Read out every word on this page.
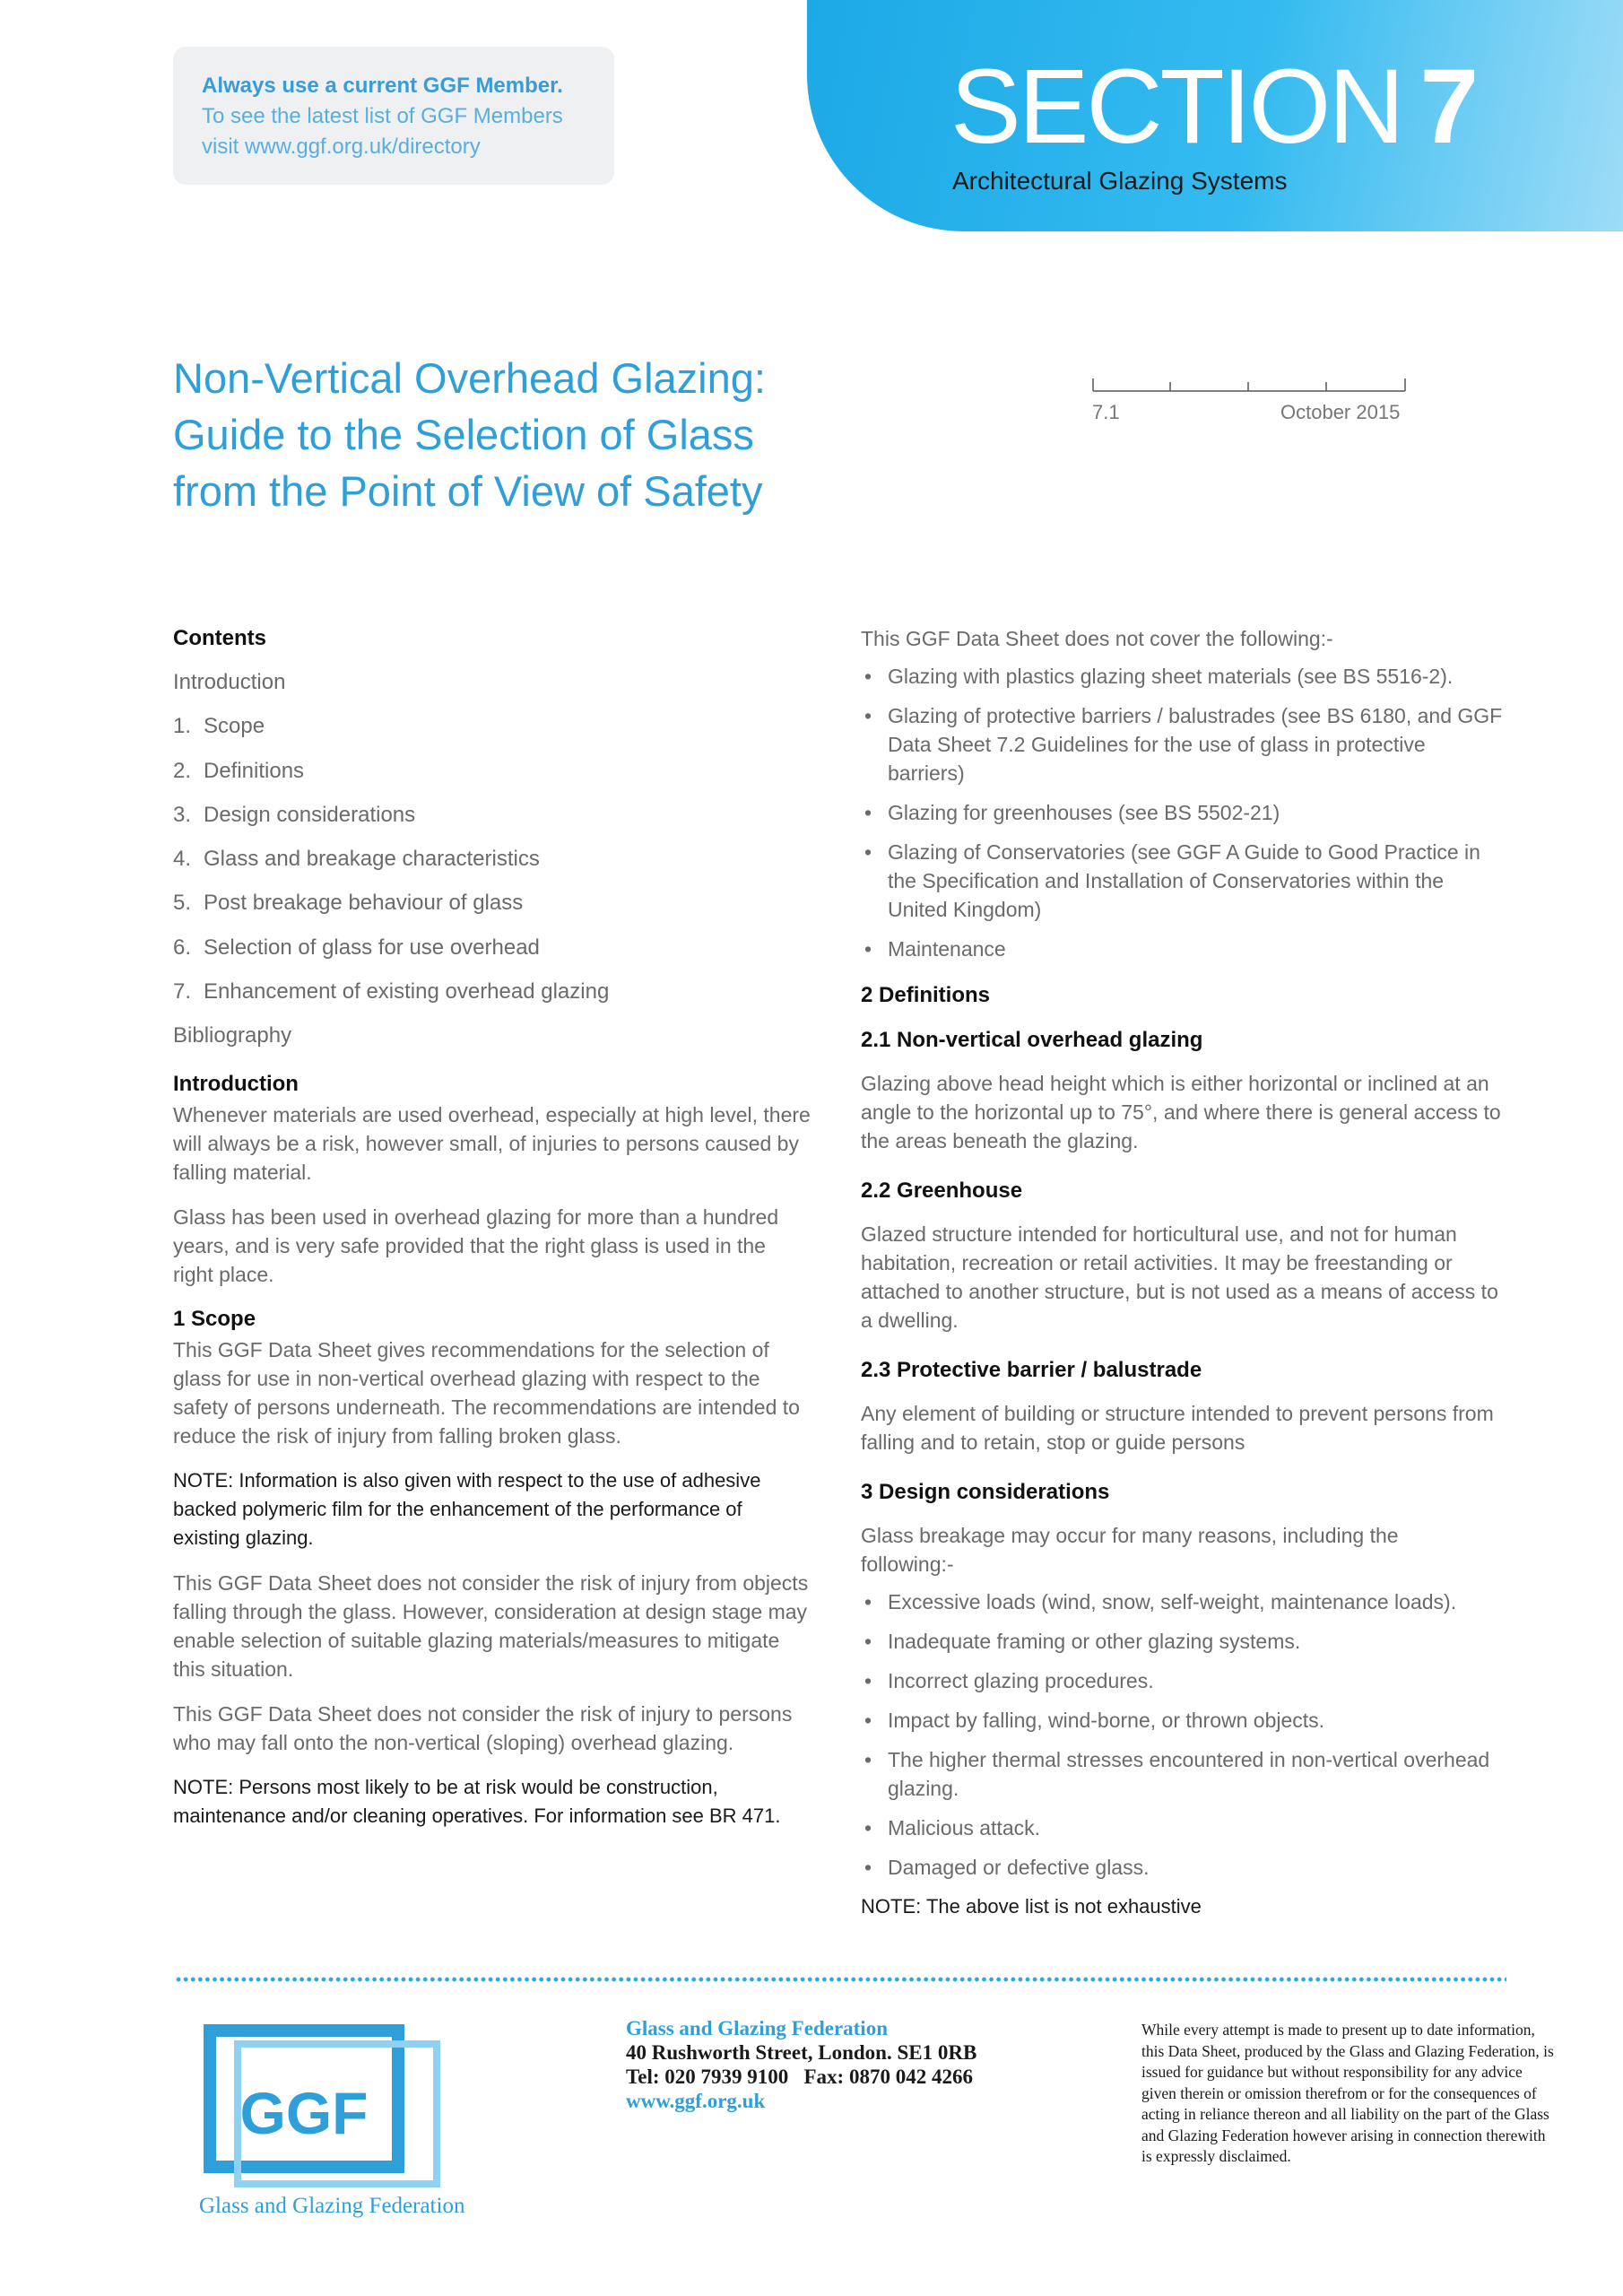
Always use a current GGF Member.
To see the latest list of GGF Members
visit www.ggf.org.uk/directory	SECTION 7
Architectural Glazing Systems
Non-Vertical Overhead Glazing:
Guide to the Selection of Glass
from the Point of View of Safety
7.1	October 2015
Contents
Introduction
1. Scope
2. Definitions
3. Design considerations
4. Glass and breakage characteristics
5. Post breakage behaviour of glass
6. Selection of glass for use overhead
7. Enhancement of existing overhead glazing
Bibliography
Introduction
Whenever materials are used overhead, especially at high level, there will always be a risk, however small, of injuries to persons caused by falling material.
Glass has been used in overhead glazing for more than a hundred years, and is very safe provided that the right glass is used in the right place.
1 Scope
This GGF Data Sheet gives recommendations for the selection of glass for use in non-vertical overhead glazing with respect to the safety of persons underneath. The recommendations are intended to reduce the risk of injury from falling broken glass.
NOTE: Information is also given with respect to the use of adhesive backed polymeric film for the enhancement of the performance of existing glazing.
This GGF Data Sheet does not consider the risk of injury from objects falling through the glass. However, consideration at design stage may enable selection of suitable glazing materials/measures to mitigate this situation.
This GGF Data Sheet does not consider the risk of injury to persons who may fall onto the non-vertical (sloping) overhead glazing.
NOTE: Persons most likely to be at risk would be construction, maintenance and/or cleaning operatives. For information see BR 471.
This GGF Data Sheet does not cover the following:-
• Glazing with plastics glazing sheet materials (see BS 5516-2).
• Glazing of protective barriers / balustrades (see BS 6180, and GGF Data Sheet 7.2 Guidelines for the use of glass in protective barriers)
• Glazing for greenhouses (see BS 5502-21)
• Glazing of Conservatories (see GGF A Guide to Good Practice in the Specification and Installation of Conservatories within the United Kingdom)
• Maintenance
2 Definitions
2.1 Non-vertical overhead glazing
Glazing above head height which is either horizontal or inclined at an angle to the horizontal up to 75°, and where there is general access to the areas beneath the glazing.
2.2 Greenhouse
Glazed structure intended for horticultural use, and not for human habitation, recreation or retail activities. It may be freestanding or attached to another structure, but is not used as a means of access to a dwelling.
2.3 Protective barrier / balustrade
Any element of building or structure intended to prevent persons from falling and to retain, stop or guide persons
3 Design considerations
Glass breakage may occur for many reasons, including the following:-
• Excessive loads (wind, snow, self-weight, maintenance loads).
• Inadequate framing or other glazing systems.
• Incorrect glazing procedures.
• Impact by falling, wind-borne, or thrown objects.
• The higher thermal stresses encountered in non-vertical overhead glazing.
• Malicious attack.
• Damaged or defective glass.
NOTE: The above list is not exhaustive
GGF
Glass and Glazing Federation
Glass and Glazing Federation
40 Rushworth Street, London. SE1 0RB
Tel: 020 7939 9100   Fax: 0870 042 4266
www.ggf.org.uk
While every attempt is made to present up to date information, this Data Sheet, produced by the Glass and Glazing Federation, is issued for guidance but without responsibility for any advice given therein or omission therefrom or for the consequences of acting in reliance thereon and all liability on the part of the Glass and Glazing Federation however arising in connection therewith is expressly disclaimed.
